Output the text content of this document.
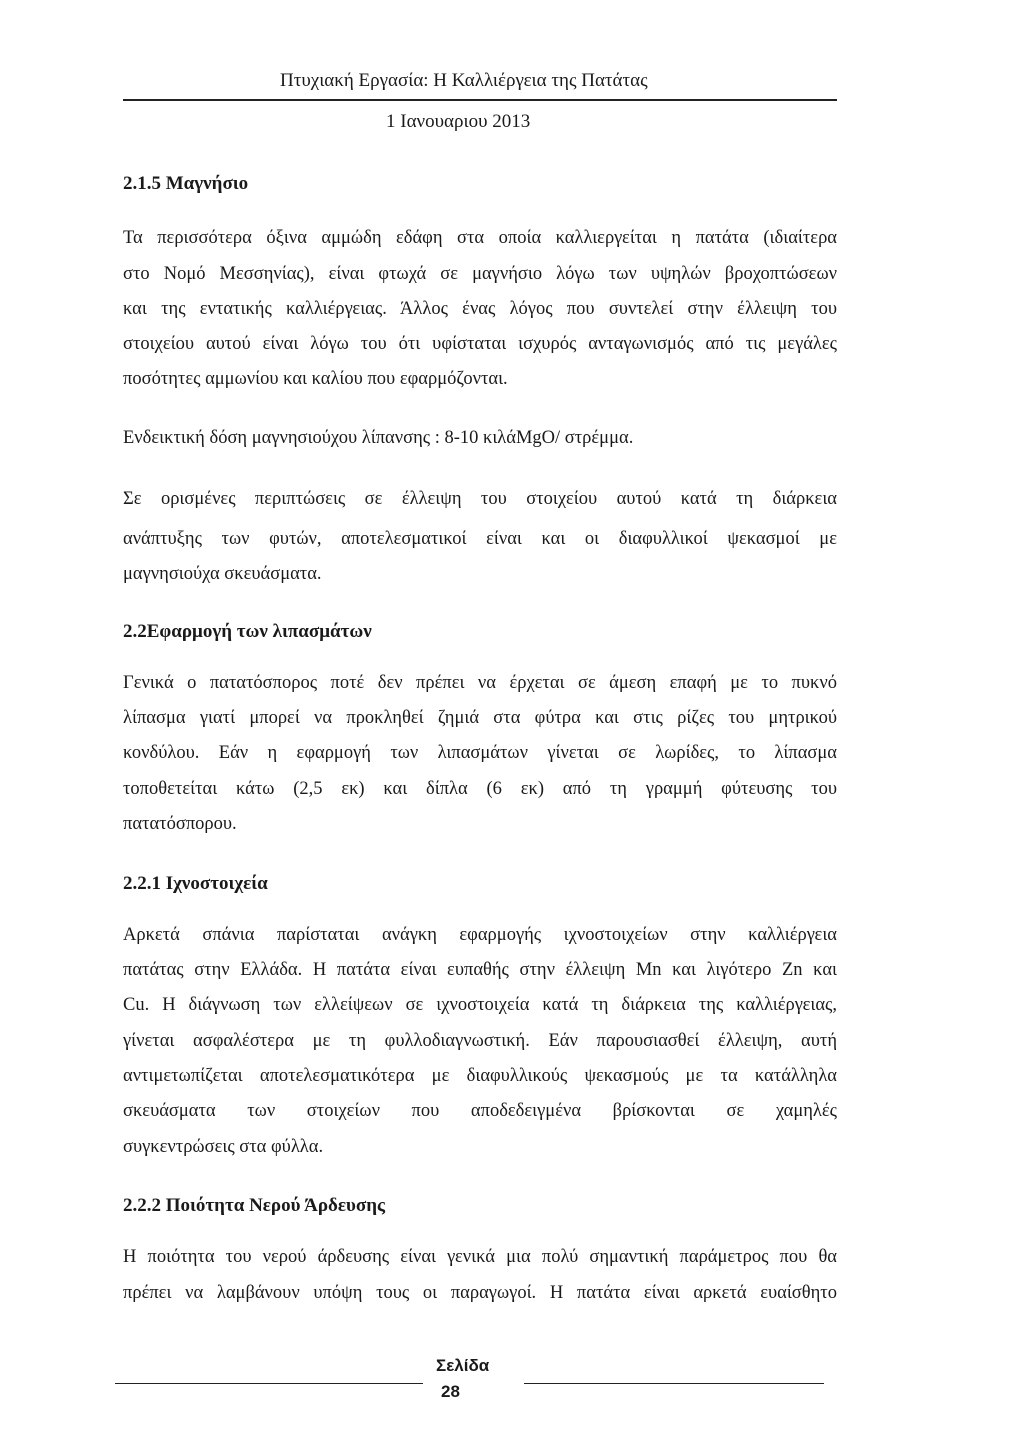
Πτυχιακή Εργασία: Η Καλλιέργεια της Πατάτας
1 Ιανουαριου 2013
2.1.5 Μαγνήσιο
Τα περισσότερα όξινα αμμώδη εδάφη στα οποία καλλιεργείται η πατάτα (ιδιαίτερα
στο Νομό Μεσσηνίας), είναι φτωχά σε μαγνήσιο λόγω των υψηλών βροχοπτώσεων
και της εντατικής καλλιέργειας. Άλλος ένας λόγος που συντελεί στην έλλειψη του
στοιχείου αυτού είναι λόγω του ότι υφίσταται ισχυρός ανταγωνισμός από τις μεγάλες
ποσότητες αμμωνίου και καλίου που εφαρμόζονται.
Ενδεικτική δόση μαγνησιούχου λίπανσης : 8-10 κιλάMgO/ στρέμμα.
Σε ορισμένες περιπτώσεις σε έλλειψη του στοιχείου αυτού κατά τη διάρκεια
ανάπτυξης των φυτών, αποτελεσματικοί είναι και οι διαφυλλικοί ψεκασμοί με
μαγνησιούχα σκευάσματα.
2.2Εφαρμογή των λιπασμάτων
Γενικά ο πατατόσπορος ποτέ δεν πρέπει να έρχεται σε άμεση επαφή με το πυκνό
λίπασμα γιατί μπορεί να προκληθεί ζημιά στα φύτρα και στις ρίζες του μητρικού
κονδύλου. Εάν η εφαρμογή των λιπασμάτων γίνεται σε λωρίδες, το λίπασμα
τοποθετείται κάτω (2,5 εκ) και δίπλα (6 εκ) από τη γραμμή φύτευσης του
πατατόσπορου.
2.2.1 Ιχνοστοιχεία
Αρκετά σπάνια παρίσταται ανάγκη εφαρμογής ιχνοστοιχείων στην καλλιέργεια
πατάτας στην Ελλάδα. Η πατάτα είναι ευπαθής στην έλλειψη Mn και λιγότερο Zn και
Cu. Η διάγνωση των ελλείψεων σε ιχνοστοιχεία κατά τη διάρκεια της καλλιέργειας,
γίνεται ασφαλέστερα με τη φυλλοδιαγνωστική. Εάν παρουσιασθεί έλλειψη, αυτή
αντιμετωπίζεται αποτελεσματικότερα με διαφυλλικούς ψεκασμούς με τα κατάλληλα
σκευάσματα των στοιχείων που αποδεδειγμένα βρίσκονται σε χαμηλές
συγκεντρώσεις στα φύλλα.
2.2.2 Ποιότητα Νερού Άρδευσης
Η ποιότητα του νερού άρδευσης είναι γενικά μια πολύ σημαντική παράμετρος που θα
πρέπει να λαμβάνουν υπόψη τους οι παραγωγοί. Η πατάτα είναι αρκετά ευαίσθητο
Σελίδα
28
